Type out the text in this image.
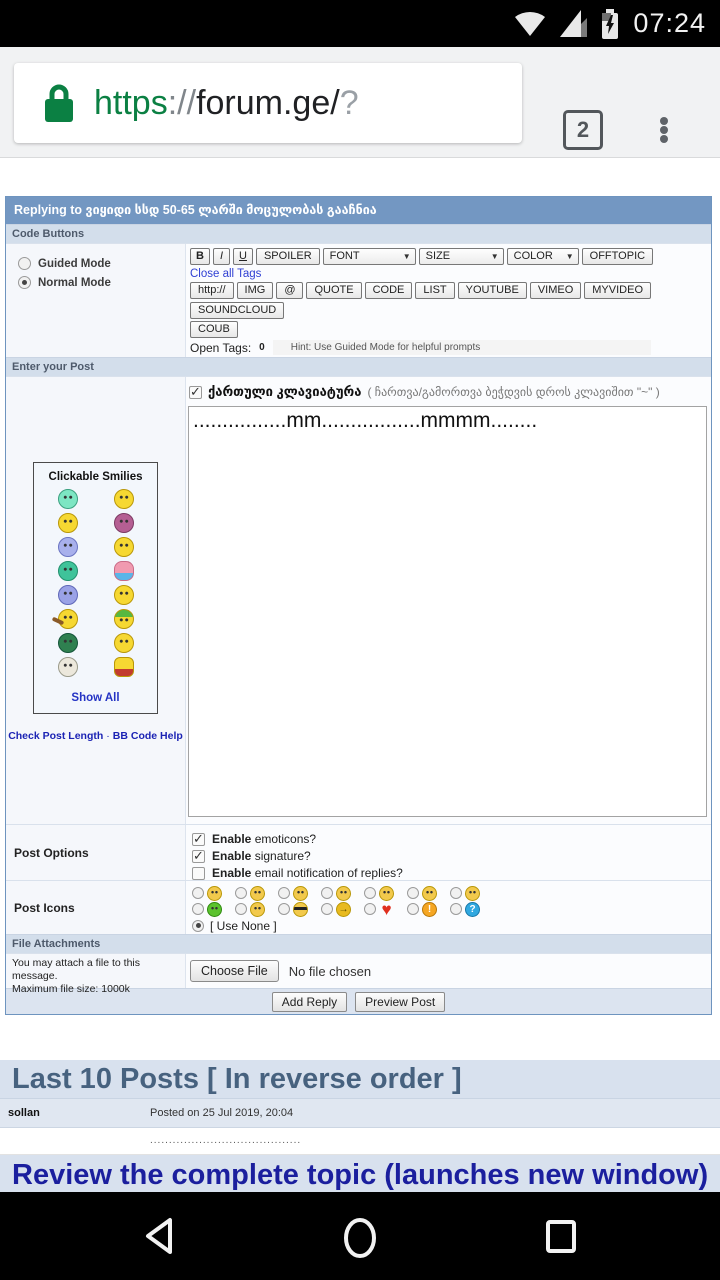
07:24
https://forum.ge/?
2
Replying to ვიყიდი სსდ 50-65 ლარში მოცულობას გააჩნია
Code Buttons
Guided Mode
Normal Mode
B	I	U	SPOILER	FONT	▼ SIZE	▼ COLOR ▼	OFFTOPIC
Close all Tags
http://	IMG	@	QUOTE	CODE	LIST	YOUTUBE	VIMEO	MYVIDEO
SOUNDCLOUD
COUB
Open Tags: 0	Hint: Use Guided Mode for helpful prompts
Enter your Post
Clickable Smilies
Show All
Check Post Length · BB Code Help
✓
ქართული კლავიატურა ( ჩართვა/გამორთვა ბეჭდვის დროს კლავიშით "~" )
................mm.................mmmm........
Post Options
✓
Enable emoticons?
✓
Enable signature?
Enable email notification of replies?
Post Icons
→
♥
!
?
[ Use None ]
File Attachments
You may attach a file to this message.
Maximum file size: 1000k
Choose File	No file chosen
Add Reply	Preview Post
Last 10 Posts [ In reverse order ]
sollan	Posted on 25 Jul 2019, 20:04
........................................
Review the complete topic (launches new window)
